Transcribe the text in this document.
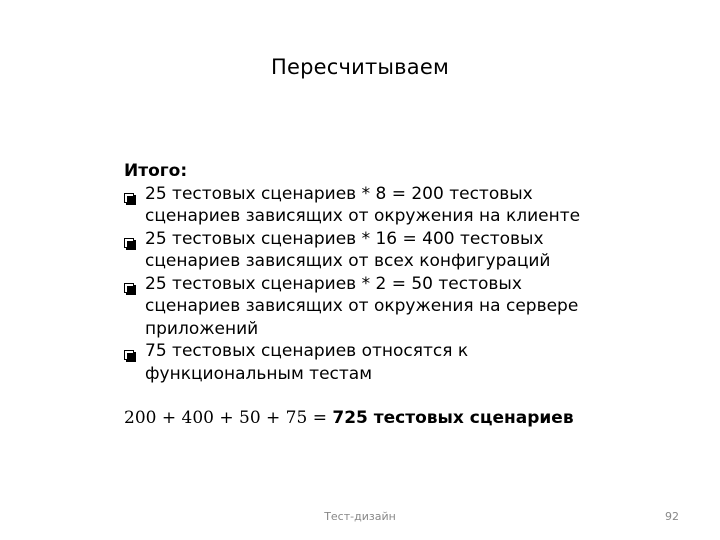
Пересчитываем
Итого:
25 тестовых сценариев * 8 = 200 тестовых сценариев зависящих от окружения на клиенте
25 тестовых сценариев * 16 = 400 тестовых сценариев зависящих от всех конфигураций
25 тестовых сценариев * 2 = 50 тестовых сценариев зависящих от окружения на сервере приложений
75 тестовых сценариев относятся к функциональным тестам
200 + 400 + 50 + 75 = 725 тестовых сценариев
Тест-дизайн	92
